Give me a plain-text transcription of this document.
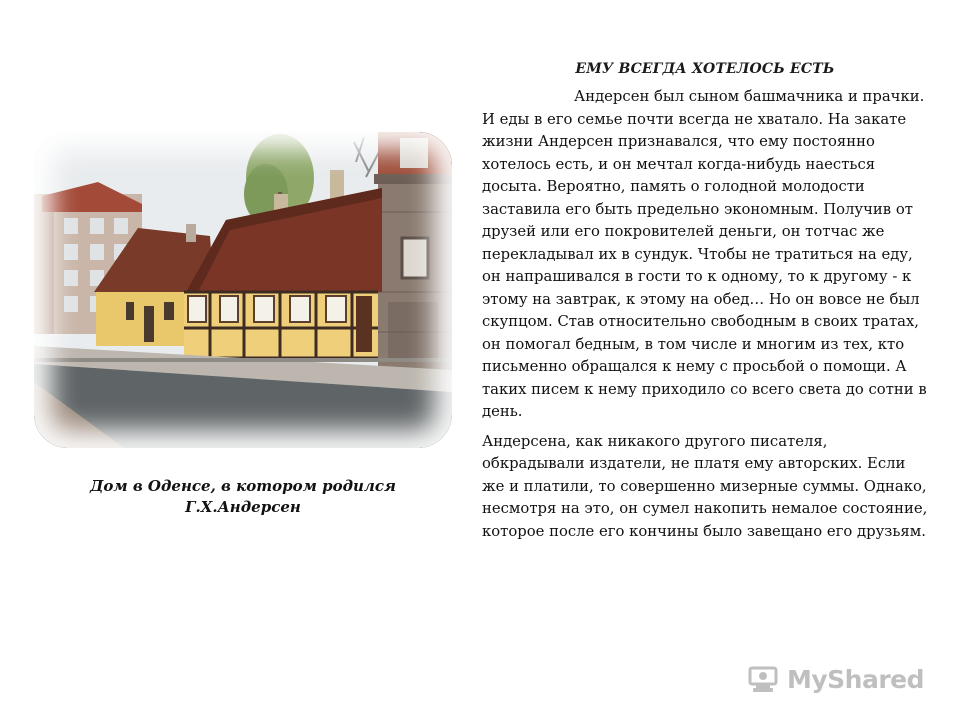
Дом в Оденсе, в котором родился
Г.Х.Андерсен
ЕМУ ВСЕГДА ХОТЕЛОСЬ ЕСТЬ

Андерсен был сыном башмачника и прачки. И еды в его семье почти всегда не хватало. На закате жизни Андерсен признавался, что ему постоянно хотелось есть, и он мечтал когда-нибудь наесться досыта. Вероятно, память о голодной молодости заставила его быть предельно экономным. Получив от друзей или его покровителей деньги, он тотчас же перекладывал их в сундук. Чтобы не тратиться на еду, он напрашивался в гости то к одному, то к другому - к этому на завтрак, к этому на обед… Но он вовсе не был скупцом. Став относительно свободным в своих тратах, он помогал бедным, в том числе и многим из тех, кто письменно обращался к нему с просьбой о помощи. А таких писем к нему приходило со всего света до сотни в день.

Андерсена, как никакого другого писателя, обкрадывали издатели, не платя ему авторских. Если же и платили, то совершенно мизерные суммы. Однако, несмотря на это, он сумел накопить немалое состояние, которое после его кончины было завещано его друзьям.

MyShared
